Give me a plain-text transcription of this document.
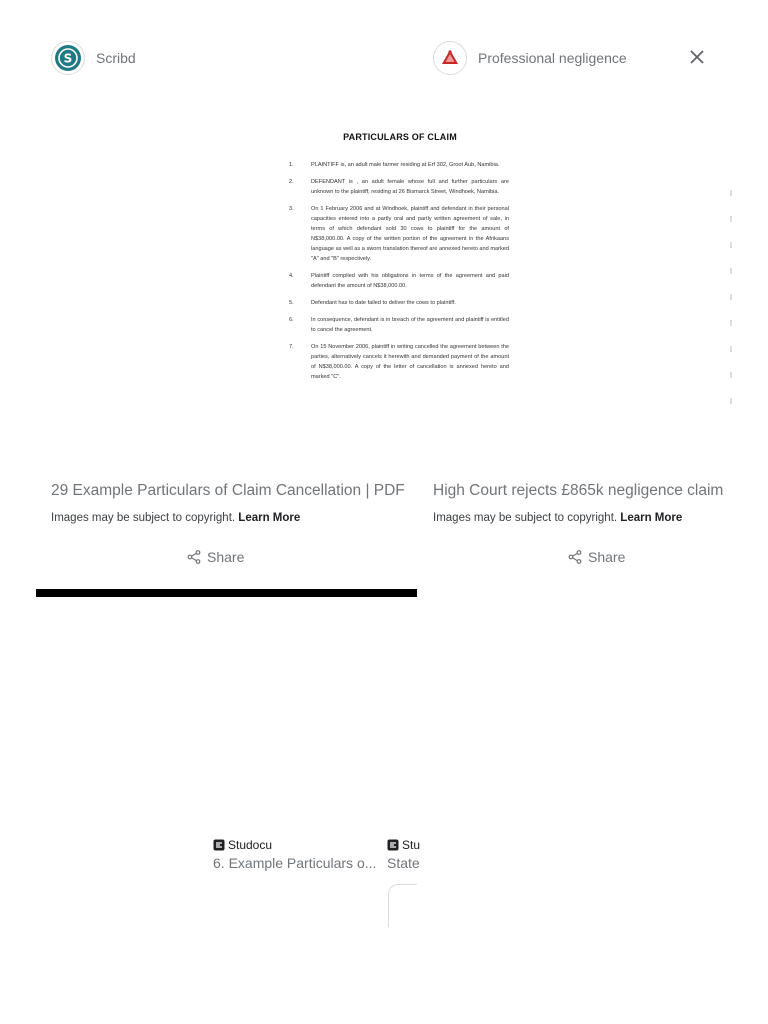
S Scribd
PARTICULARS OF CLAIM
1.	PLAINTIFF is, an adult male farmer residing at Erf 302, Groot Aub, Namibia.
2.	DEFENDANT is , an adult female whose full and further particulars are unknown to the plaintiff, residing at 26 Bismarck Street, Windhoek, Namibia.
3.	On 1 February 2006 and at Windhoek, plaintiff and defendant in their personal capacities entered into a partly oral and partly written agreement of sale, in terms of which defendant sold 30 cows to plaintiff for the amount of N$38,000.00. A copy of the written portion of the agreement in the Afrikaans language as well as a sworn translation thereof are annexed hereto and marked "A" and "B" respectively.
4.	Plaintiff complied with his obligations in terms of the agreement and paid defendant the amount of N$38,000.00.
5.	Defendant has to date failed to deliver the cows to plaintiff.
6.	In consequence, defendant is in breach of the agreement and plaintiff is entitled to cancel the agreement.
7.	On 15 November 2006, plaintiff in writing cancelled the agreement between the parties, alternatively cancels it herewith and demanded payment of the amount of N$38,000.00. A copy of the letter of cancellation is annexed hereto and marked "C".
29 Example Particulars of Claim Cancellation | PDF
Images may be subject to copyright. Learn More
Share
Professional negligence
High Court rejects £865k negligence claim
Images may be subject to copyright. Learn More
Share
Studocu
6. Example Particulars o...
Stu
State
